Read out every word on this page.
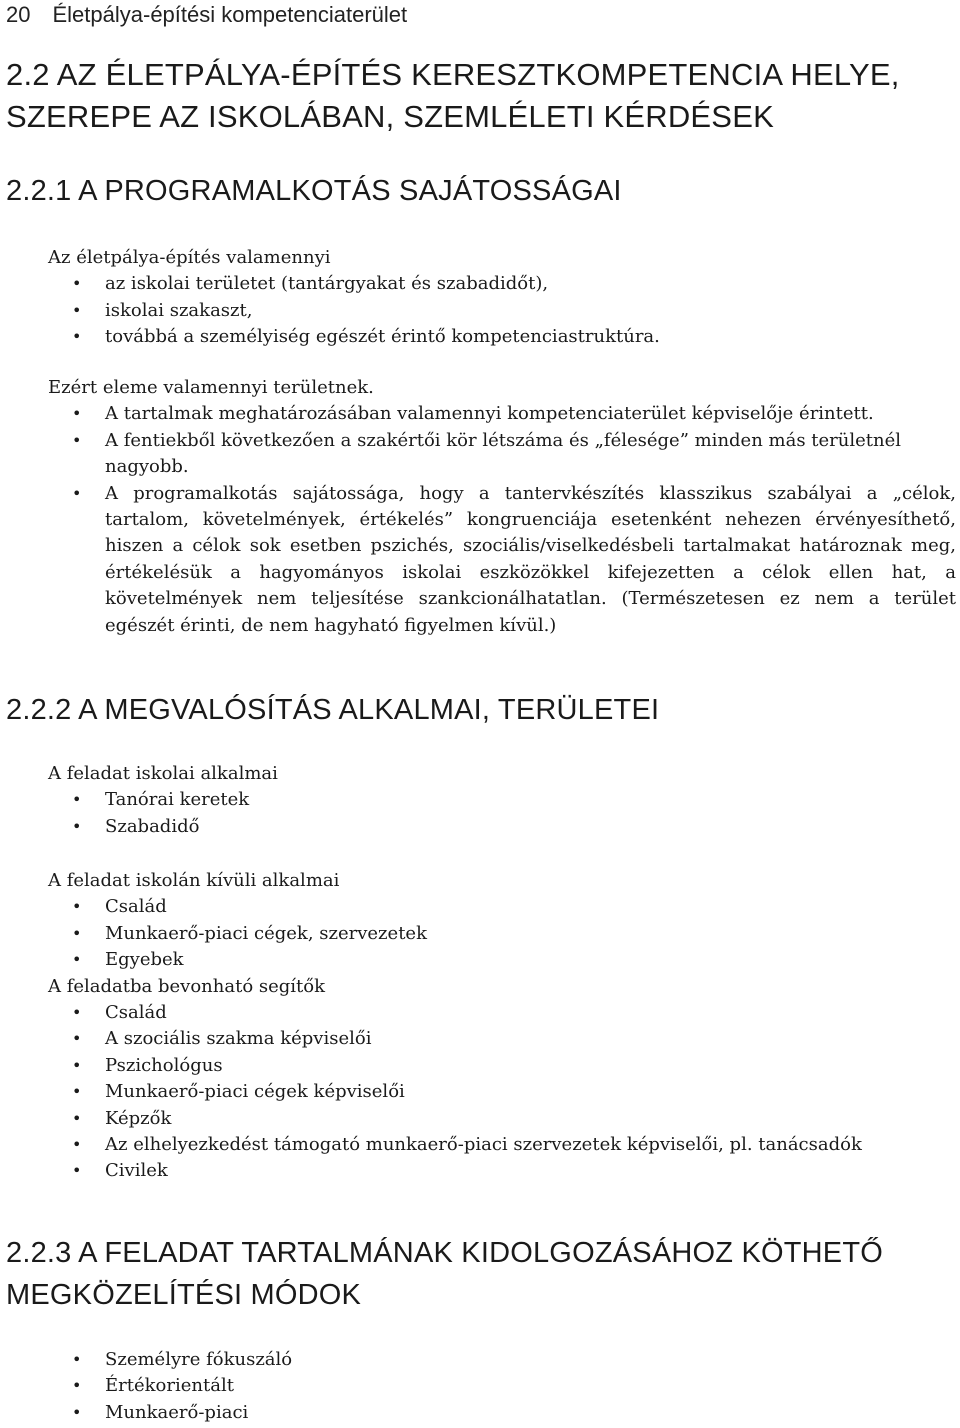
20 Életpálya-építési kompetenciaterület
2.2 AZ ÉLETPÁLYA-ÉPÍTÉS KERESZTKOMPETENCIA HELYE,
SZEREPE AZ ISKOLÁBAN, SZEMLÉLETI KÉRDÉSEK
2.2.1 A PROGRAMALKOTÁS SAJÁTOSSÁGAI

Az életpálya-építés valamennyi

• az iskolai területet (tantárgyakat és szabadidőt),
• iskolai szakaszt,
• továbbá a személyiség egészét érintő kompetenciastruktúra.

Ezért eleme valamennyi területnek.

• A tartalmak meghatározásában valamennyi kompetenciaterület képviselője érintett.
• A fentiekből következően a szakértői kör létszáma és „félesége” minden más területnél nagyobb.
• A programalkotás sajátossága, hogy a tantervkészítés klasszikus szabályai a „célok, tartalom, követelmények, értékelés” kongruenciája esetenként nehezen érvényesíthető, hiszen a célok sok esetben pszichés, szociális/viselkedésbeli tartalmakat határoznak meg, értékelésük a hagyományos iskolai eszközökkel kifejezetten a célok ellen hat, a követelmények nem teljesítése szankcionálhatatlan. (Természetesen ez nem a terület egészét érinti, de nem hagyható figyelmen kívül.)
2.2.2 A MEGVALÓSÍTÁS ALKALMAI, TERÜLETEI

A feladat iskolai alkalmai

• Tanórai keretek
• Szabadidő

A feladat iskolán kívüli alkalmai

• Család
• Munkaerő-piaci cégek, szervezetek
• Egyebek

A feladatba bevonható segítők

• Család
• A szociális szakma képviselői
• Pszichológus
• Munkaerő-piaci cégek képviselői
• Képzők
• Az elhelyezkedést támogató munkaerő-piaci szervezetek képviselői, pl. tanácsadók
• Civilek
2.2.3 A FELADAT TARTALMÁNAK KIDOLGOZÁSÁHOZ KÖTHETŐ
MEGKÖZELÍTÉSI MÓDOK
• Személyre fókuszáló
• Értékorientált
• Munkaerő-piaci
